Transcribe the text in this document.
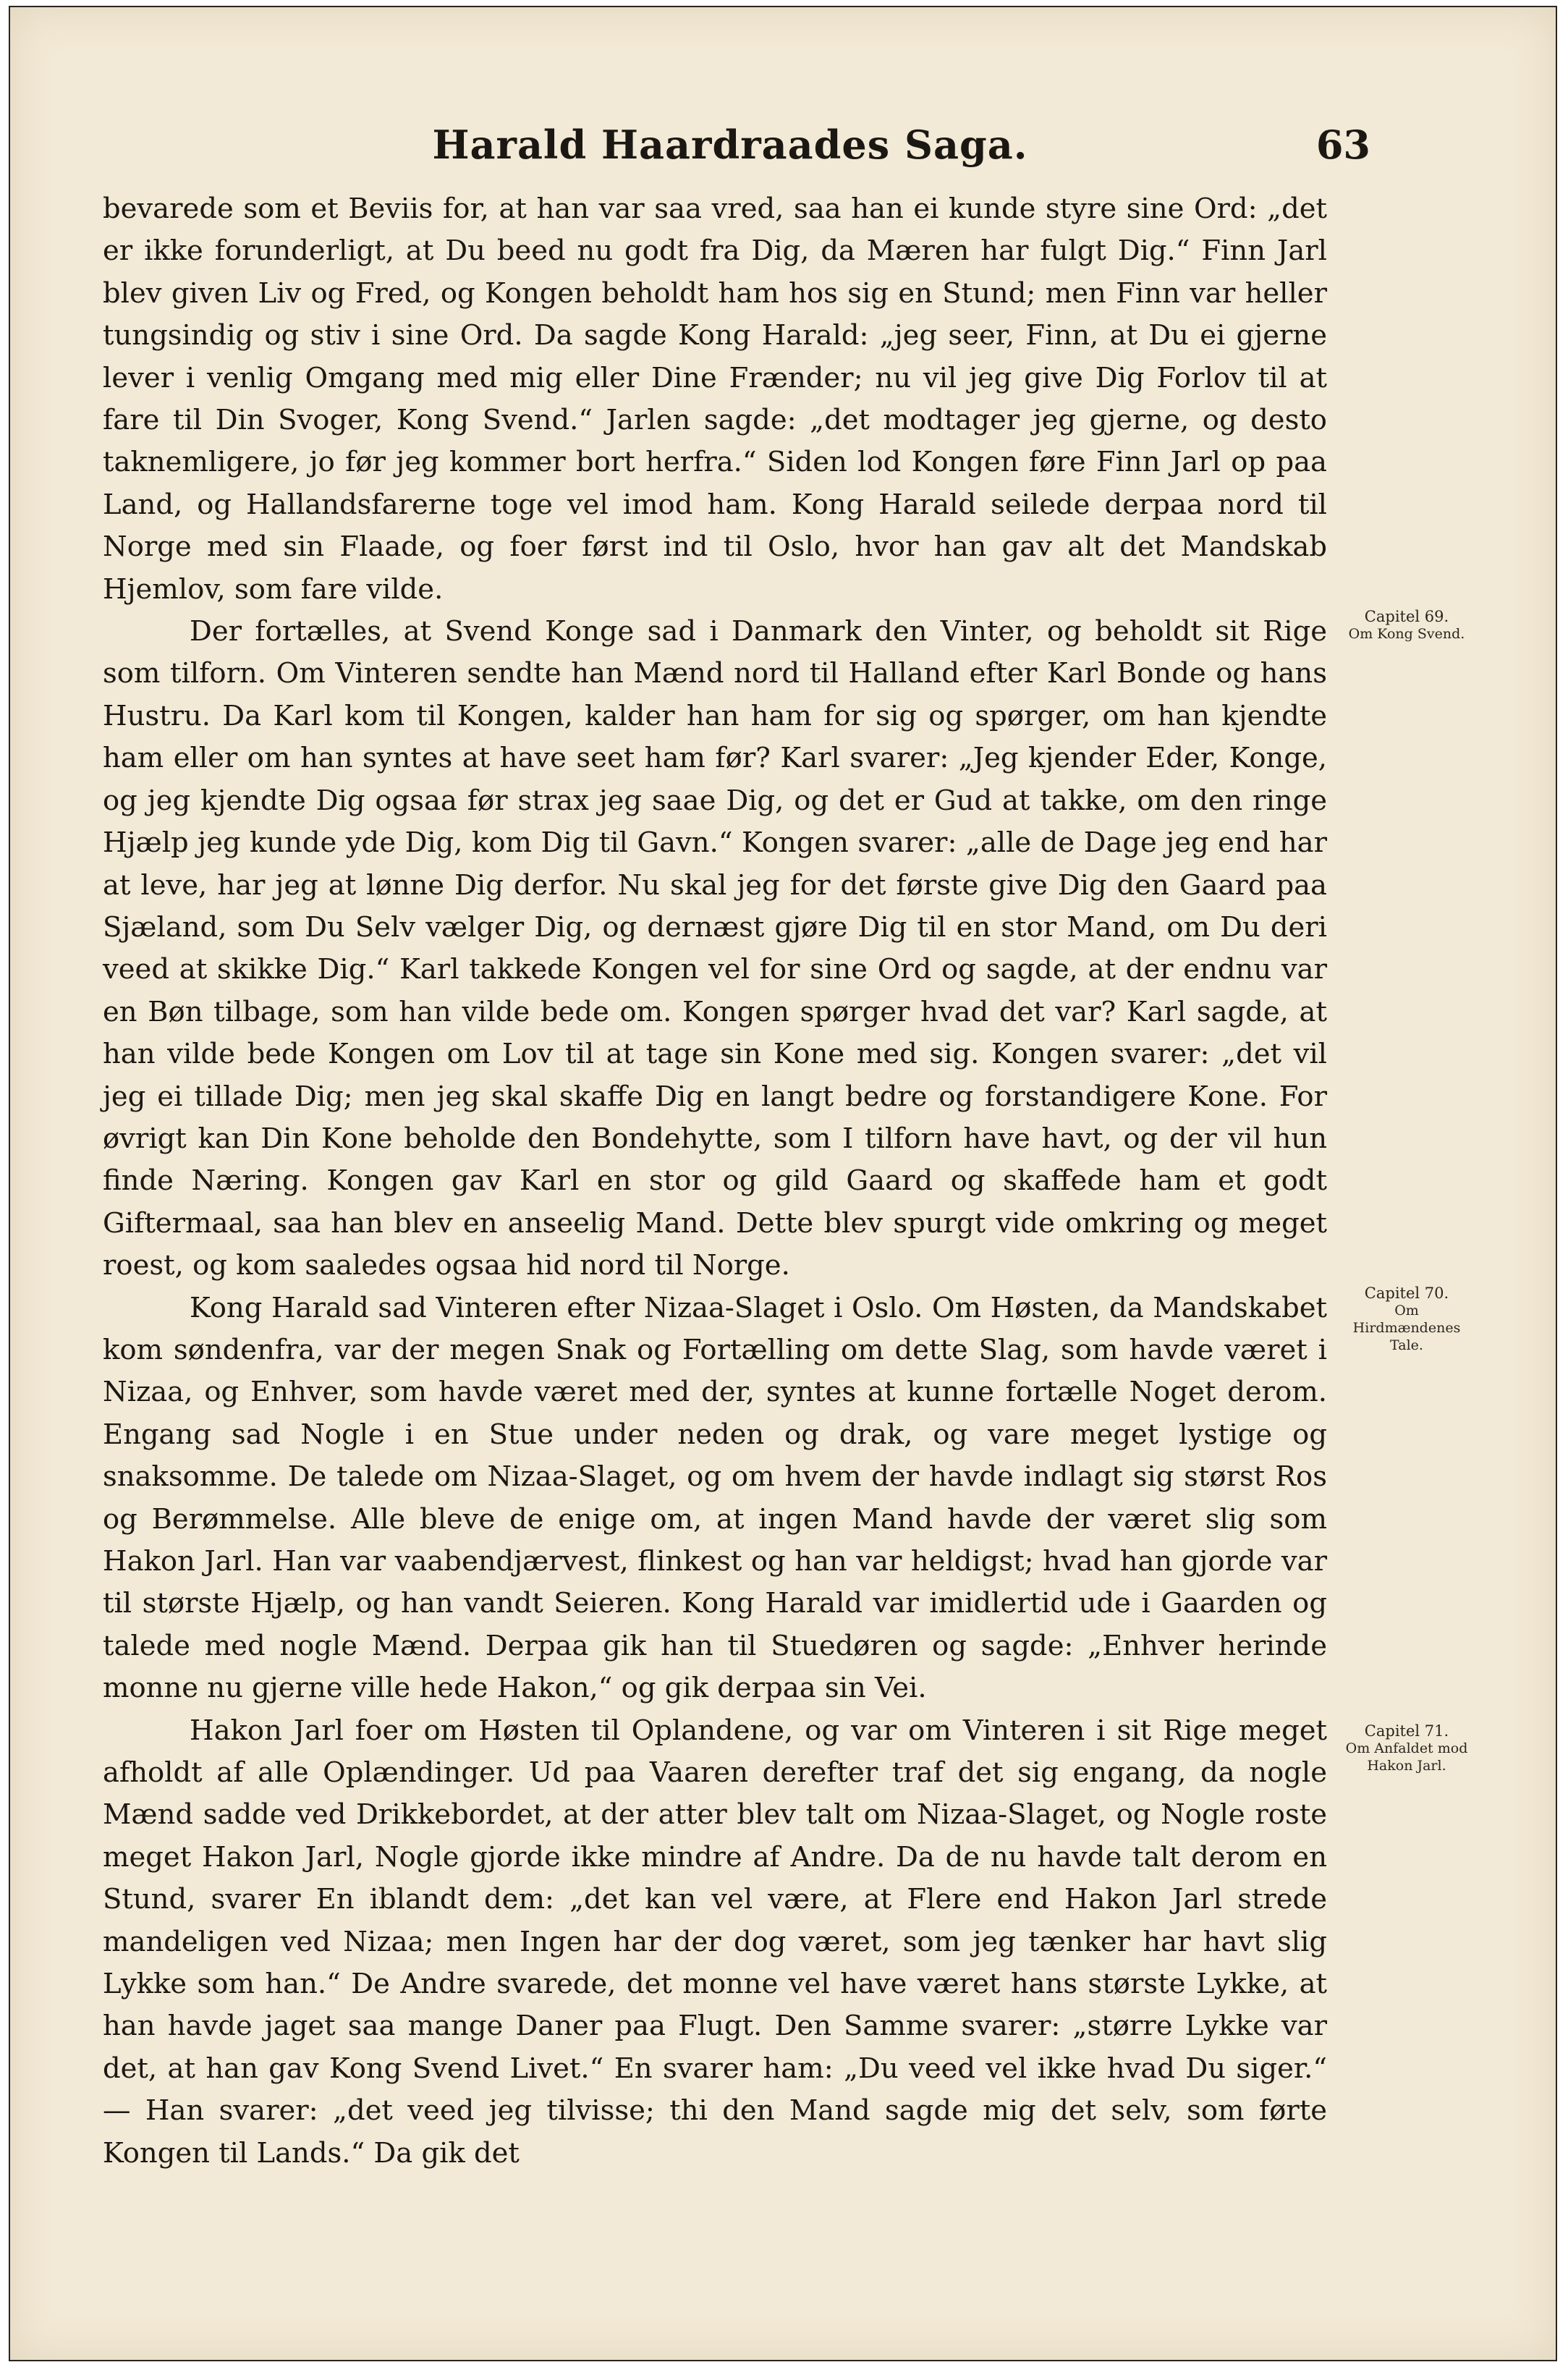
Harald Haardraades Saga.	63

bevarede som et Beviis for, at han var saa vred, saa han ei kunde styre sine Ord: „det er ikke forunderligt, at Du beed nu godt fra Dig, da Mæren har fulgt Dig.“ Finn Jarl blev given Liv og Fred, og Kongen beholdt ham hos sig en Stund; men Finn var heller tungsindig og stiv i sine Ord. Da sagde Kong Harald: „jeg seer, Finn, at Du ei gjerne lever i venlig Omgang med mig eller Dine Frænder; nu vil jeg give Dig Forlov til at fare til Din Svoger, Kong Svend.“ Jarlen sagde: „det modtager jeg gjerne, og desto taknemligere, jo før jeg kommer bort herfra.“ Siden lod Kongen føre Finn Jarl op paa Land, og Hallandsfarerne toge vel imod ham. Kong Harald seilede derpaa nord til Norge med sin Flaade, og foer først ind til Oslo, hvor han gav alt det Mandskab Hjemlov, som fare vilde.

Der fortælles, at Svend Konge sad i Danmark den Vinter, og beholdt sit Rige som tilforn. Om Vinteren sendte han Mænd nord til Halland efter Karl Bonde og hans Hustru. Da Karl kom til Kongen, kalder han ham for sig og spørger, om han kjendte ham eller om han syntes at have seet ham før? Karl svarer: „Jeg kjender Eder, Konge, og jeg kjendte Dig ogsaa før strax jeg saae Dig, og det er Gud at takke, om den ringe Hjælp jeg kunde yde Dig, kom Dig til Gavn.“ Kongen svarer: „alle de Dage jeg end har at leve, har jeg at lønne Dig derfor. Nu skal jeg for det første give Dig den Gaard paa Sjæland, som Du Selv vælger Dig, og dernæst gjøre Dig til en stor Mand, om Du deri veed at skikke Dig.“ Karl takkede Kongen vel for sine Ord og sagde, at der endnu var en Bøn tilbage, som han vilde bede om. Kongen spørger hvad det var? Karl sagde, at han vilde bede Kongen om Lov til at tage sin Kone med sig. Kongen svarer: „det vil jeg ei tillade Dig; men jeg skal skaffe Dig en langt bedre og forstandigere Kone. For øvrigt kan Din Kone beholde den Bondehytte, som I tilforn have havt, og der vil hun finde Næring. Kongen gav Karl en stor og gild Gaard og skaffede ham et godt Giftermaal, saa han blev en anseelig Mand. Dette blev spurgt vide omkring og meget roest, og kom saaledes ogsaa hid nord til Norge.

Kong Harald sad Vinteren efter Nizaa-Slaget i Oslo. Om Høsten, da Mandskabet kom søndenfra, var der megen Snak og Fortælling om dette Slag, som havde været i Nizaa, og Enhver, som havde været med der, syntes at kunne fortælle Noget derom. Engang sad Nogle i en Stue under neden og drak, og vare meget lystige og snaksomme. De talede om Nizaa-Slaget, og om hvem der havde indlagt sig størst Ros og Berømmelse. Alle bleve de enige om, at ingen Mand havde der været slig som Hakon Jarl. Han var vaabendjærvest, flinkest og han var heldigst; hvad han gjorde var til største Hjælp, og han vandt Seieren. Kong Harald var imidlertid ude i Gaarden og talede med nogle Mænd. Derpaa gik han til Stuedøren og sagde: „Enhver herinde monne nu gjerne ville hede Hakon,“ og gik derpaa sin Vei.

Hakon Jarl foer om Høsten til Oplandene, og var om Vinteren i sit Rige meget afholdt af alle Oplændinger. Ud paa Vaaren derefter traf det sig engang, da nogle Mænd sadde ved Drikkebordet, at der atter blev talt om Nizaa-Slaget, og Nogle roste meget Hakon Jarl, Nogle gjorde ikke mindre af Andre. Da de nu havde talt derom en Stund, svarer En iblandt dem: „det kan vel være, at Flere end Hakon Jarl strede mandeligen ved Nizaa; men Ingen har der dog været, som jeg tænker har havt slig Lykke som han.“ De Andre svarede, det monne vel have været hans største Lykke, at han havde jaget saa mange Daner paa Flugt. Den Samme svarer: „større Lykke var det, at han gav Kong Svend Livet.“ En svarer ham: „Du veed vel ikke hvad Du siger.“ — Han svarer: „det veed jeg tilvisse; thi den Mand sagde mig det selv, som førte Kongen til Lands.“ Da gik det

Capitel 69.
Om Kong Svend.
Capitel 70.
Om Hirdmændenes Tale.
Capitel 71.
Om Anfaldet mod Hakon Jarl.
